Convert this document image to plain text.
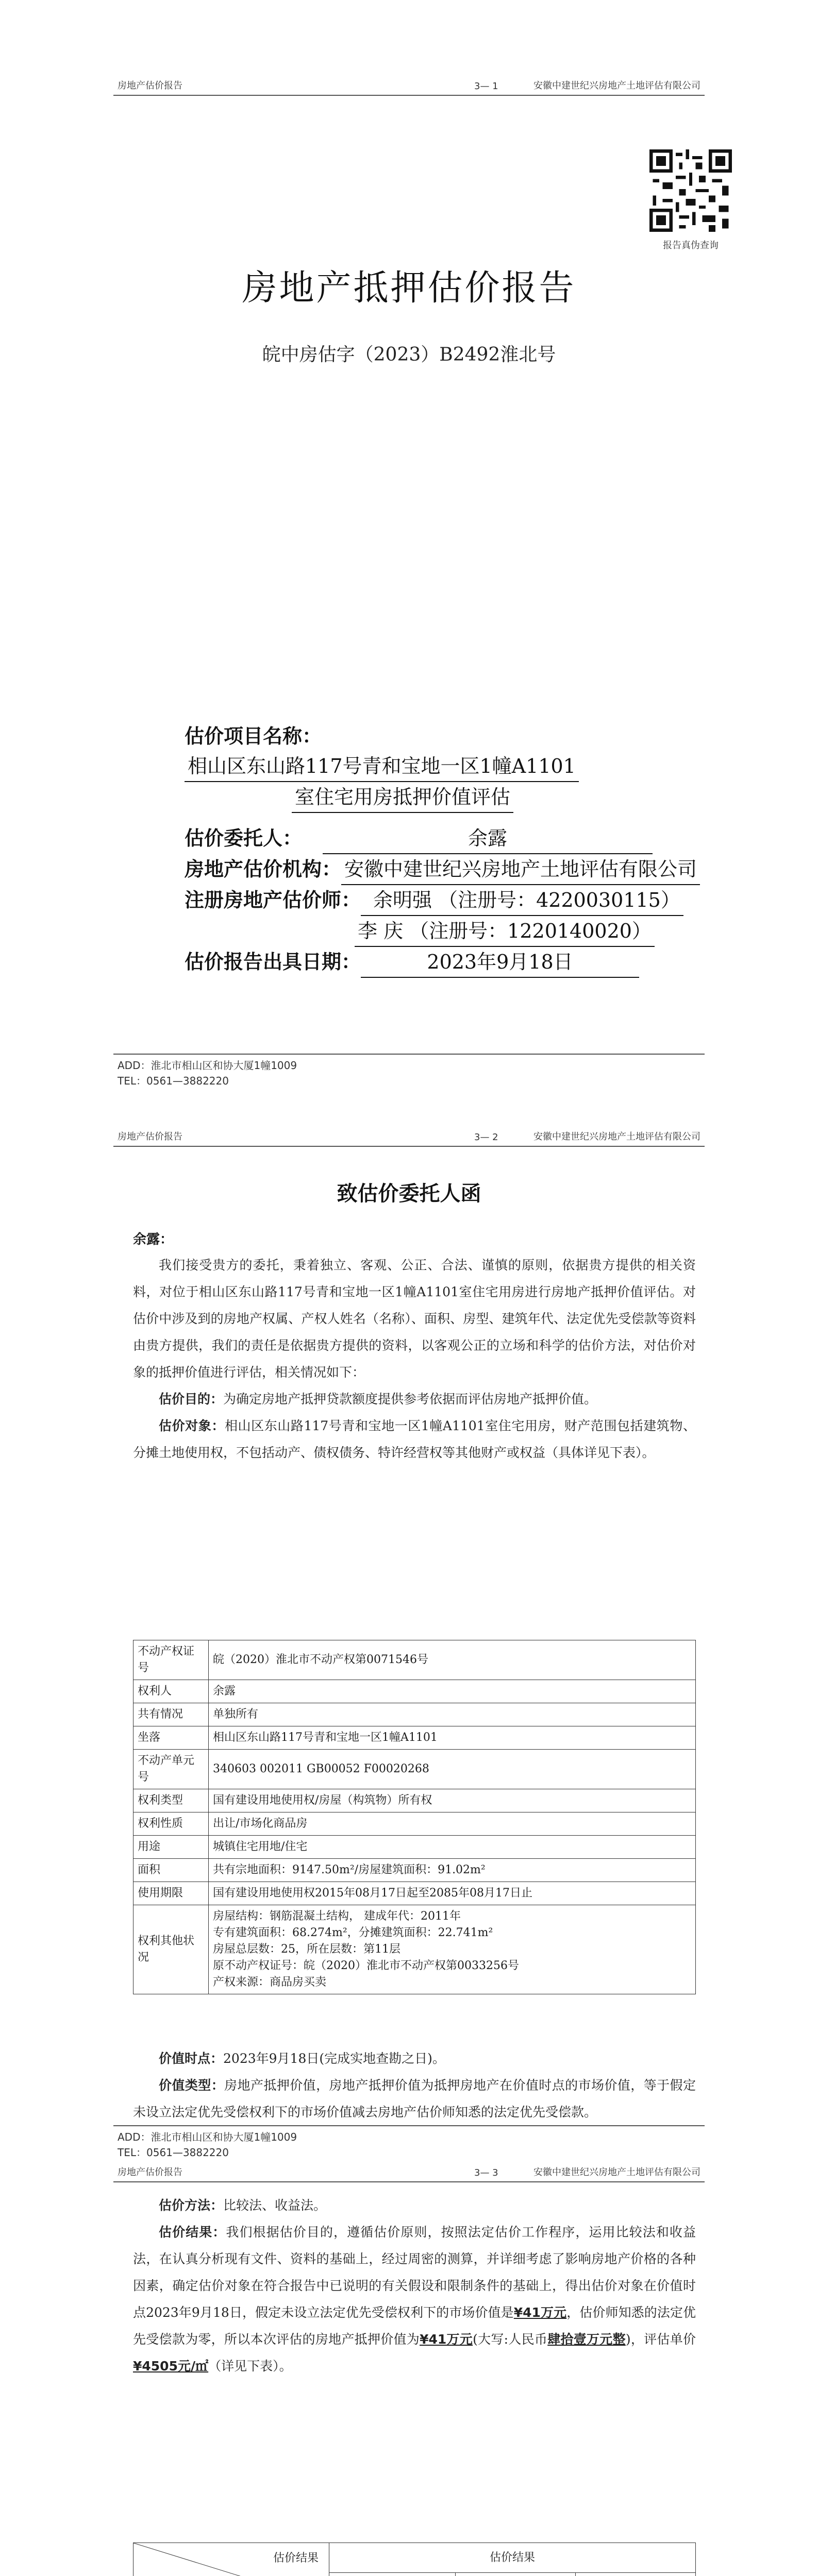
房地产估价报告	3— 1	安徽中建世纪兴房地产土地评估有限公司
报告真伪查询
房地产抵押估价报告
皖中房估字（2023）B2492淮北号
估价项目名称：相山区东山路117号青和宝地一区1幢A1101
室住宅用房抵押价值评估
估价委托人：	余露
房地产估价机构： 安徽中建世纪兴房地产土地评估有限公司
注册房地产估价师： 余明强 （注册号：4220030115）
李 庆 （注册号：1220140020）
估价报告出具日期：	2023年9月18日
ADD：淮北市相山区和协大厦1幢1009
TEL：0561—3882220
房地产估价报告	3— 2	安徽中建世纪兴房地产土地评估有限公司
致估价委托人函
余露：

我们接受贵方的委托，秉着独立、客观、公正、合法、谨慎的原则，依据贵方提供的相关资料，对位于相山区东山路117号青和宝地一区1幢A1101室住宅用房进行房地产抵押价值评估。对估价中涉及到的房地产权属、产权人姓名（名称）、面积、房型、建筑年代、法定优先受偿款等资料由贵方提供，我们的责任是依据贵方提供的资料，以客观公正的立场和科学的估价方法，对估价对象的抵押价值进行评估，相关情况如下：

估价目的：为确定房地产抵押贷款额度提供参考依据而评估房地产抵押价值。

估价对象：相山区东山路117号青和宝地一区1幢A1101室住宅用房，财产范围包括建筑物、分摊土地使用权，不包括动产、债权债务、特许经营权等其他财产或权益（具体详见下表）。

不动产权证号	皖（2020）淮北市不动产权第0071546号
权利人	余露
共有情况	单独所有
坐落	相山区东山路117号青和宝地一区1幢A1101
不动产单元号	340603 002011 GB00052 F00020268
权利类型	国有建设用地使用权/房屋（构筑物）所有权
权利性质	出让/市场化商品房
用途	城镇住宅用地/住宅
面积	共有宗地面积：9147.50m²/房屋建筑面积：91.02m²
使用期限	国有建设用地使用权2015年08月17日起至2085年08月17日止
权利其他状况	房屋结构：钢筋混凝土结构， 建成年代：2011年
专有建筑面积：68.274m²，分摊建筑面积：22.741m²
房屋总层数：25，所在层数：第11层
原不动产权证号：皖（2020）淮北市不动产权第0033256号
产权来源：商品房买卖

价值时点：2023年9月18日(完成实地查勘之日)。

价值类型：房地产抵押价值，房地产抵押价值为抵押房地产在价值时点的市场价值，等于假定未设立法定优先受偿权利下的市场价值减去房地产估价师知悉的法定优先受偿款。

ADD：淮北市相山区和协大厦1幢1009
TEL：0561—3882220
房地产估价报告	3— 3	安徽中建世纪兴房地产土地评估有限公司

估价方法：比较法、收益法。

估价结果：我们根据估价目的，遵循估价原则，按照法定估价工作程序，运用比较法和收益法，在认真分析现有文件、资料的基础上，经过周密的测算，并详细考虑了影响房地产价格的各种因素，确定估价对象在符合报告中已说明的有关假设和限制条件的基础上，得出估价对象在价值时点2023年9月18日，假定未设立法定优先受偿权利下的市场价值是¥41万元，估价师知悉的法定优先受偿款为零，所以本次评估的房地产抵押价值为¥41万元(大写:人民币肆拾壹万元整)，评估单价¥4505元/㎡（详见下表）。

估价结果	估价结果		
